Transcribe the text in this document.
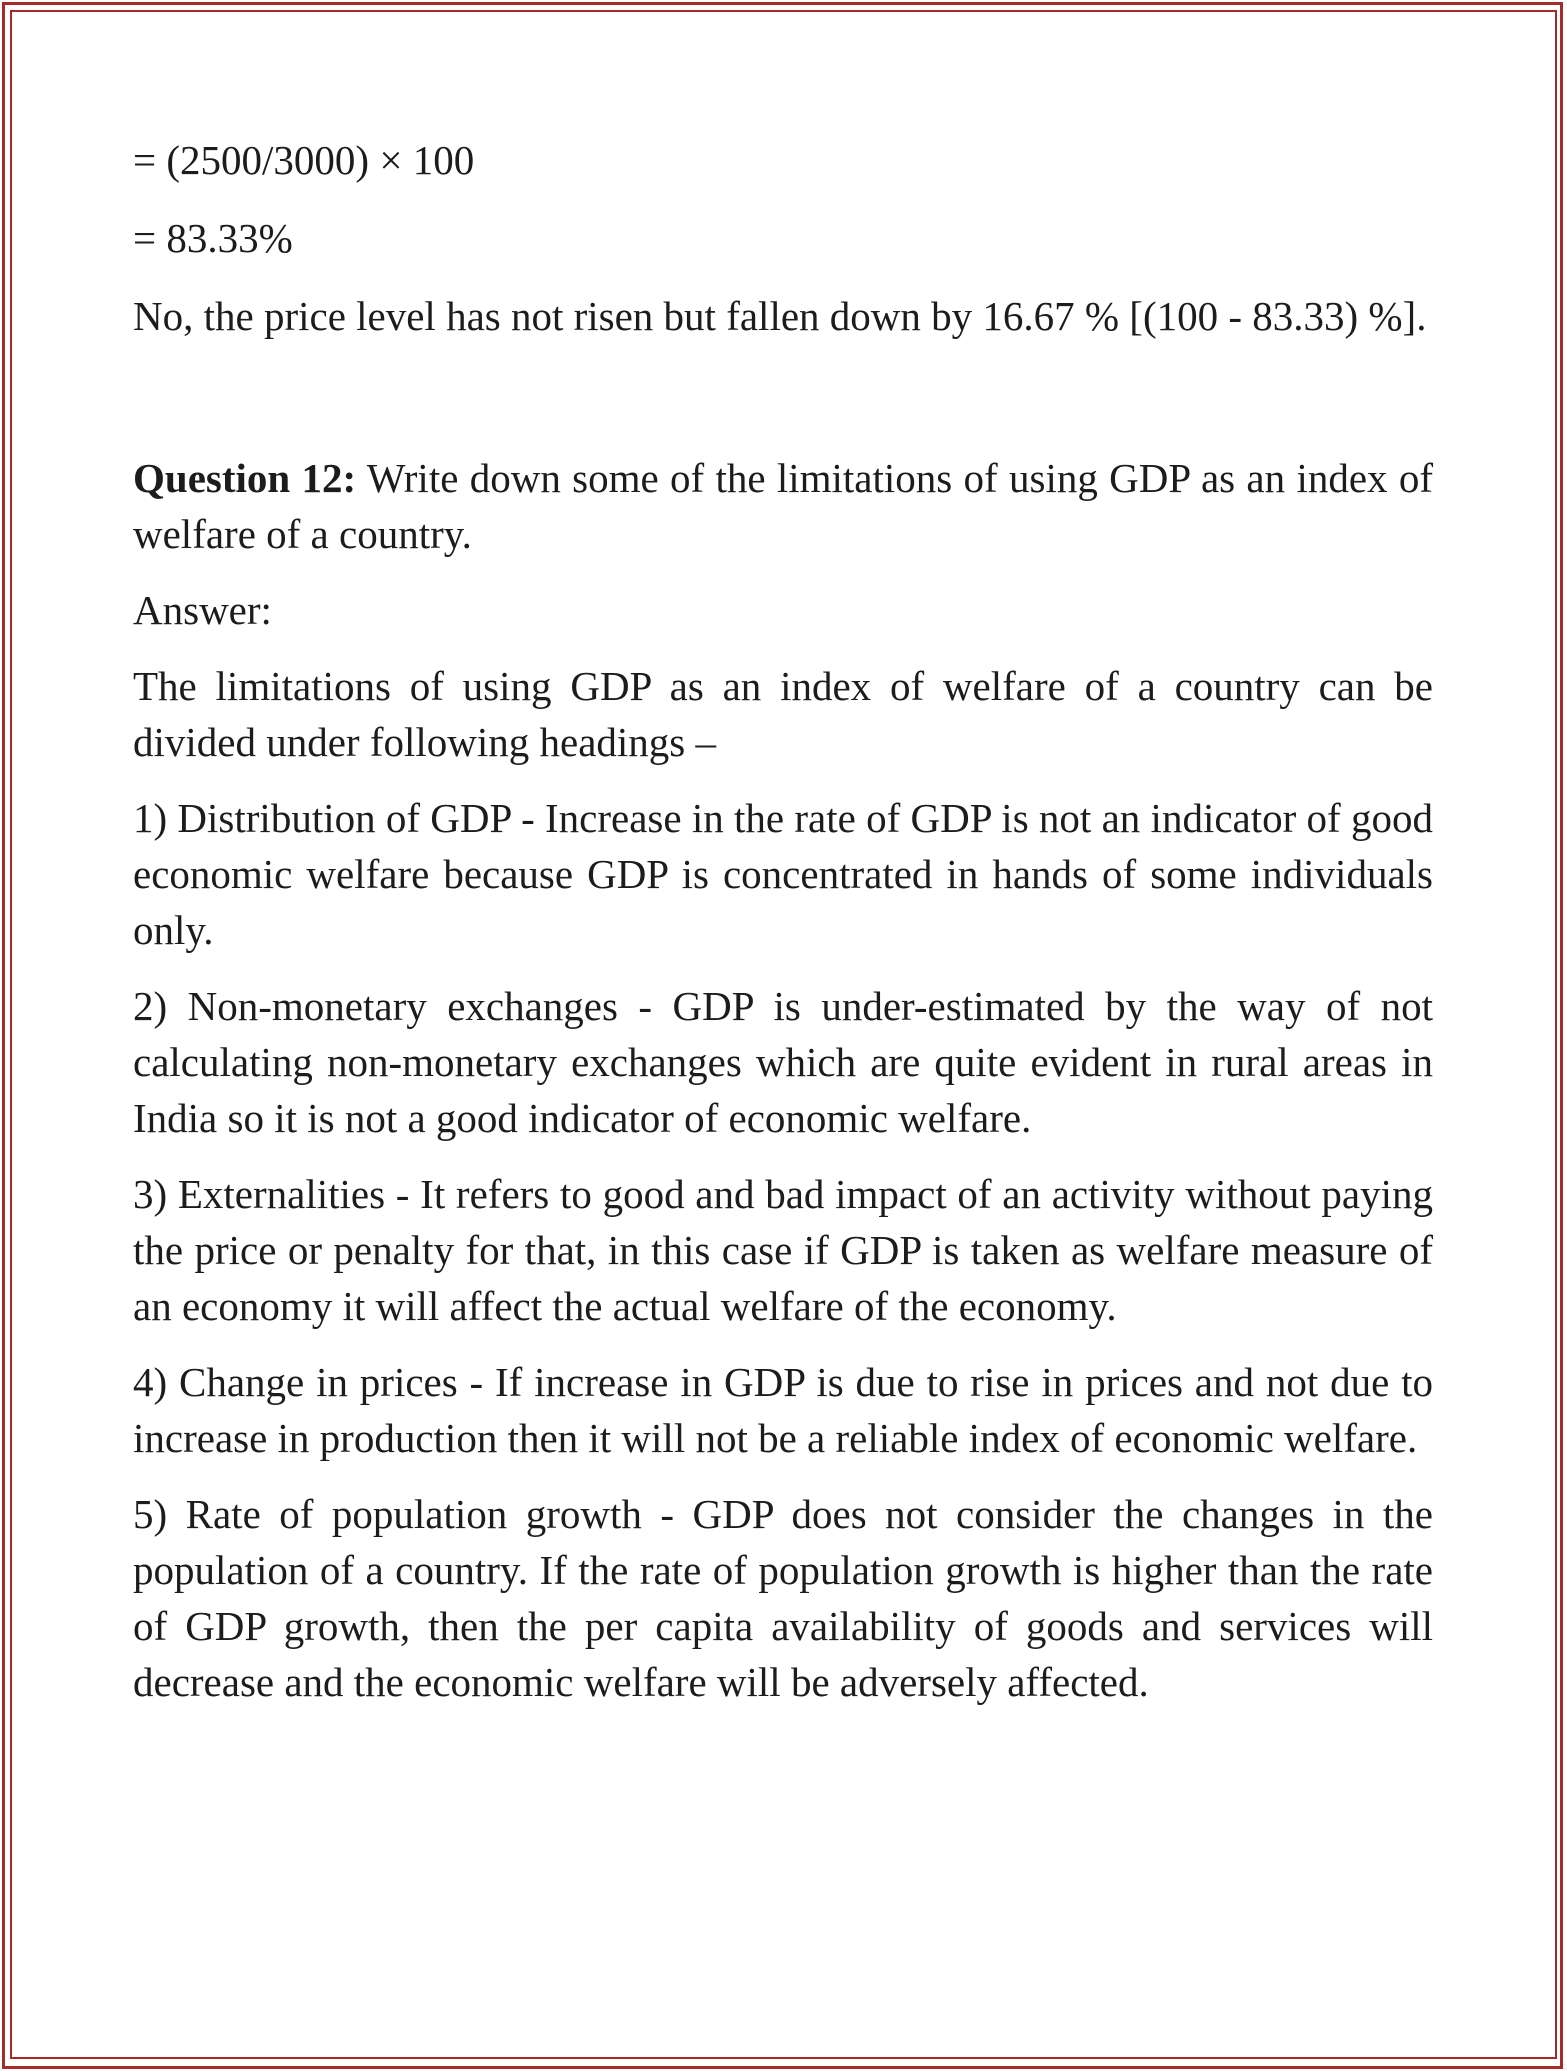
= (2500/3000) × 100

= 83.33%

No, the price level has not risen but fallen down by 16.67 % [(100 - 83.33) %].

Question 12: Write down some of the limitations of using GDP as an index of welfare of a country.

Answer:

The limitations of using GDP as an index of welfare of a country can be divided under following headings –

1) Distribution of GDP - Increase in the rate of GDP is not an indicator of good economic welfare because GDP is concentrated in hands of some individuals only.

2) Non-monetary exchanges - GDP is under-estimated by the way of not calculating non-monetary exchanges which are quite evident in rural areas in India so it is not a good indicator of economic welfare.

3) Externalities - It refers to good and bad impact of an activity without paying the price or penalty for that, in this case if GDP is taken as welfare measure of an economy it will affect the actual welfare of the economy.

4) Change in prices - If increase in GDP is due to rise in prices and not due to increase in production then it will not be a reliable index of economic welfare.

5) Rate of population growth - GDP does not consider the changes in the population of a country. If the rate of population growth is higher than the rate of GDP growth, then the per capita availability of goods and services will decrease and the economic welfare will be adversely affected.
